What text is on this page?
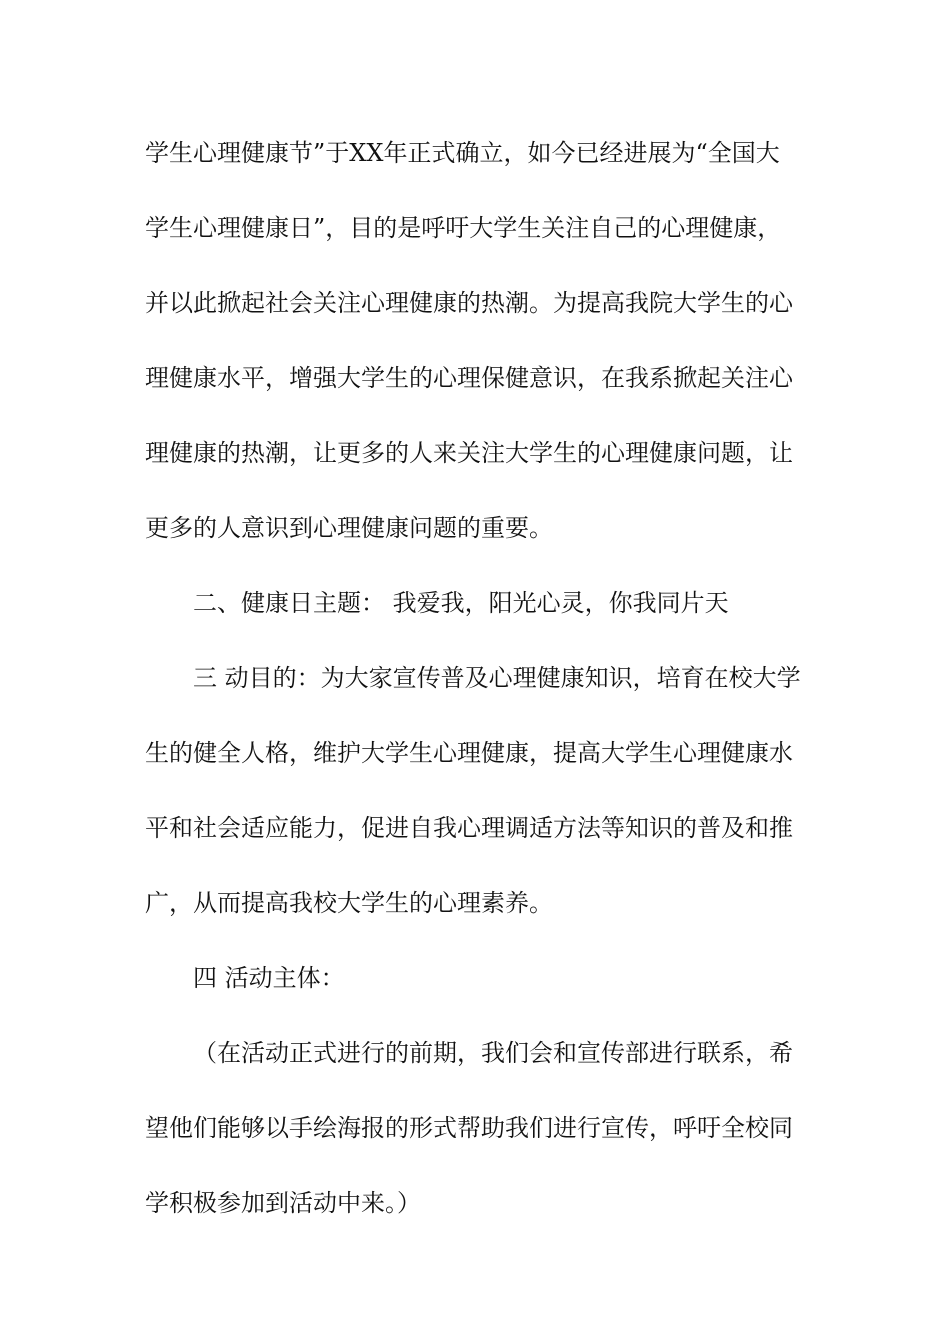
学生心理健康节”于XX年正式确立，如今已经进展为“全国大
学生心理健康日”，目的是呼吁大学生关注自己的心理健康，
并以此掀起社会关注心理健康的热潮。为提高我院大学生的心
理健康水平，增强大学生的心理保健意识，在我系掀起关注心
理健康的热潮，让更多的人来关注大学生的心理健康问题，让
更多的人意识到心理健康问题的重要。
二、健康日主题： 我爱我，阳光心灵，你我同片天
三 动目的：为大家宣传普及心理健康知识，培育在校大学
生的健全人格，维护大学生心理健康，提高大学生心理健康水
平和社会适应能力，促进自我心理调适方法等知识的普及和推
广，从而提高我校大学生的心理素养。
四 活动主体：
（在活动正式进行的前期，我们会和宣传部进行联系，希
望他们能够以手绘海报的形式帮助我们进行宣传，呼吁全校同
学积极参加到活动中来。）
